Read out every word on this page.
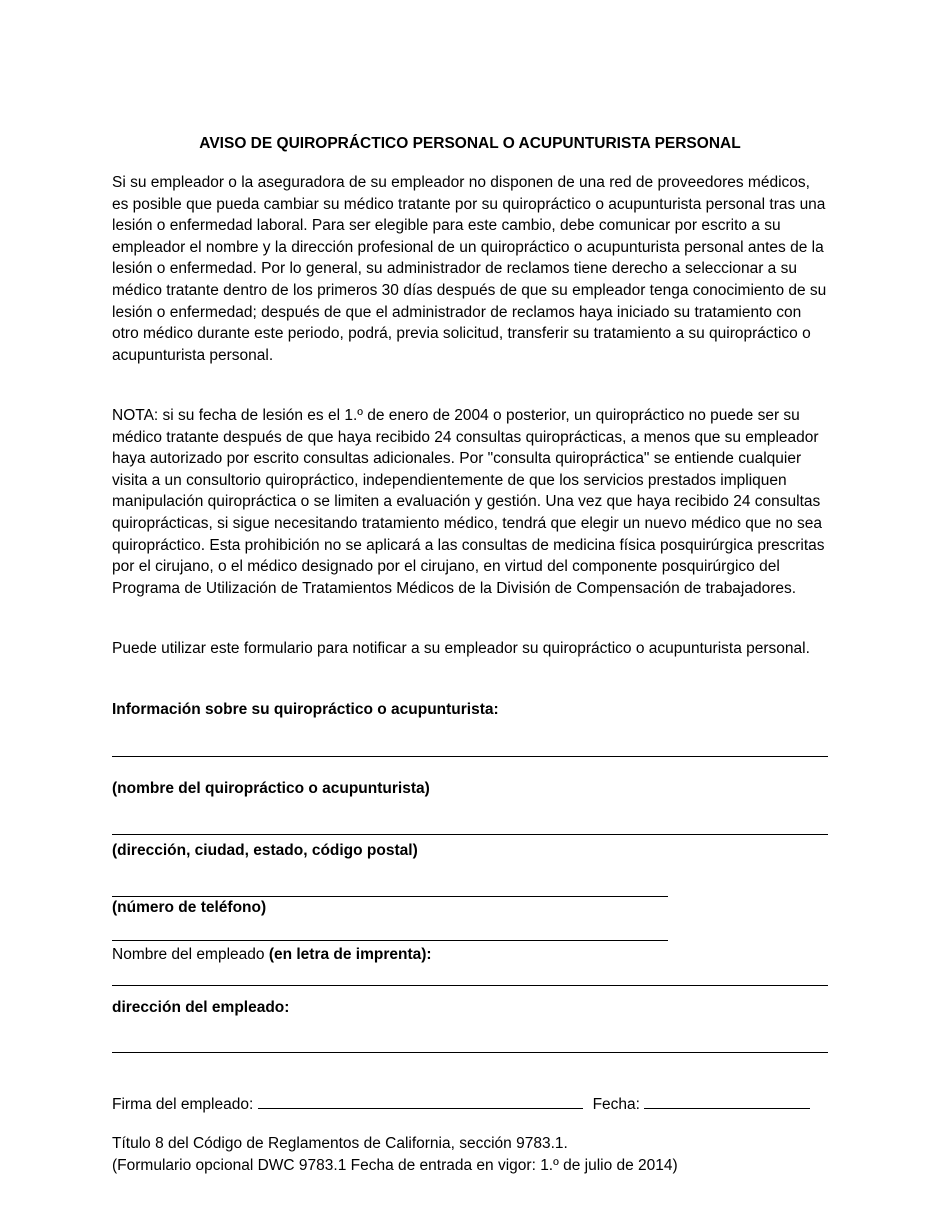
AVISO DE QUIROPRÁCTICO PERSONAL O ACUPUNTURISTA PERSONAL
Si su empleador o la aseguradora de su empleador no disponen de una red de proveedores médicos, es posible que pueda cambiar su médico tratante por su quiropráctico o acupunturista personal tras una lesión o enfermedad laboral. Para ser elegible para este cambio, debe comunicar por escrito a su empleador el nombre y la dirección profesional de un quiropráctico o acupunturista personal antes de la lesión o enfermedad. Por lo general, su administrador de reclamos tiene derecho a seleccionar a su médico tratante dentro de los primeros 30 días después de que su empleador tenga conocimiento de su lesión o enfermedad; después de que el administrador de reclamos haya iniciado su tratamiento con otro médico durante este periodo, podrá, previa solicitud, transferir su tratamiento a su quiropráctico o acupunturista personal.
NOTA: si su fecha de lesión es el 1.º de enero de 2004 o posterior, un quiropráctico no puede ser su médico tratante después de que haya recibido 24 consultas quiroprácticas, a menos que su empleador haya autorizado por escrito consultas adicionales. Por "consulta quiropráctica" se entiende cualquier visita a un consultorio quiropráctico, independientemente de que los servicios prestados impliquen manipulación quiropráctica o se limiten a evaluación y gestión. Una vez que haya recibido 24 consultas quiroprácticas, si sigue necesitando tratamiento médico, tendrá que elegir un nuevo médico que no sea quiropráctico. Esta prohibición no se aplicará a las consultas de medicina física posquirúrgica prescritas por el cirujano, o el médico designado por el cirujano, en virtud del componente posquirúrgico del Programa de Utilización de Tratamientos Médicos de la División de Compensación de trabajadores.
Puede utilizar este formulario para notificar a su empleador su quiropráctico o acupunturista personal.
Información sobre su quiropráctico o acupunturista:
(nombre del quiropráctico o acupunturista)
(dirección, ciudad, estado, código postal)
(número de teléfono)
Nombre del empleado (en letra de imprenta):
dirección del empleado:
Firma del empleado:	Fecha:
Título 8 del Código de Reglamentos de California, sección 9783.1.
(Formulario opcional DWC 9783.1 Fecha de entrada en vigor: 1.º de julio de 2014)
